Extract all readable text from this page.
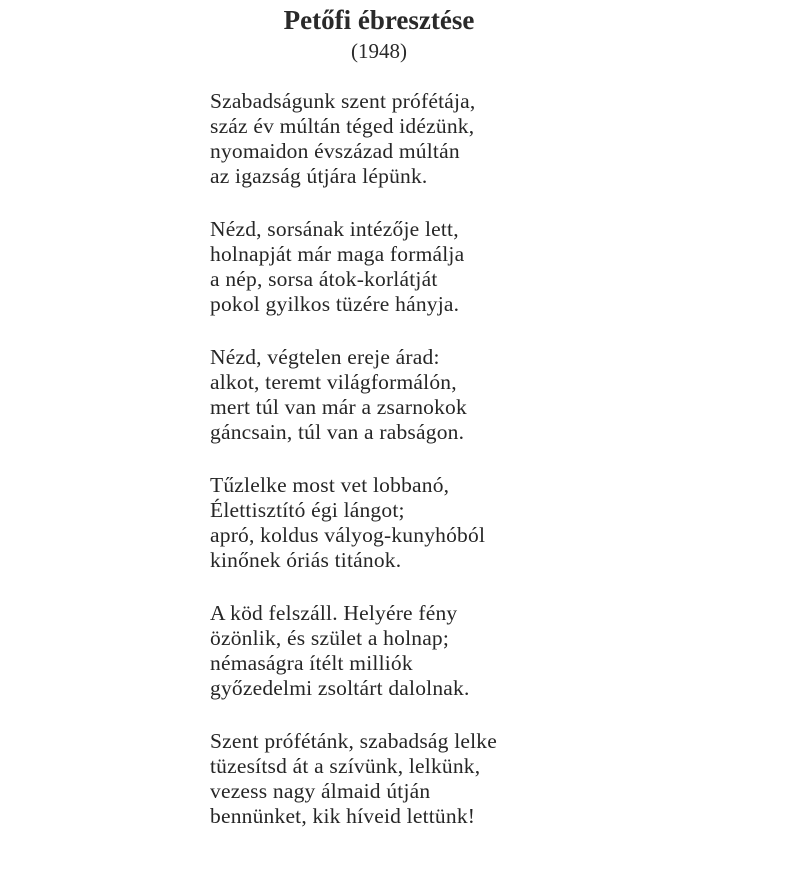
Petőfi ébresztése
(1948)
Szabadságunk szent prófétája,
száz év múltán téged idézünk,
nyomaidon évszázad múltán
az igazság útjára lépünk.
Nézd, sorsának intézője lett,
holnapját már maga formálja
a nép, sorsa átok-korlátját
pokol gyilkos tüzére hányja.
Nézd, végtelen ereje árad:
alkot, teremt világformálón,
mert túl van már a zsarnokok
gáncsain, túl van a rabságon.
Tűzlelke most vet lobbanó,
Élettisztító égi lángot;
apró, koldus vályog-kunyhóból
kinőnek óriás titánok.
A köd felszáll. Helyére fény
özönlik, és szület a holnap;
némaságra ítélt milliók
győzedelmi zsoltárt dalolnak.
Szent prófétánk, szabadság lelke
tüzesítsd át a szívünk, lelkünk,
vezess nagy álmaid útján
bennünket, kik híveid lettünk!
